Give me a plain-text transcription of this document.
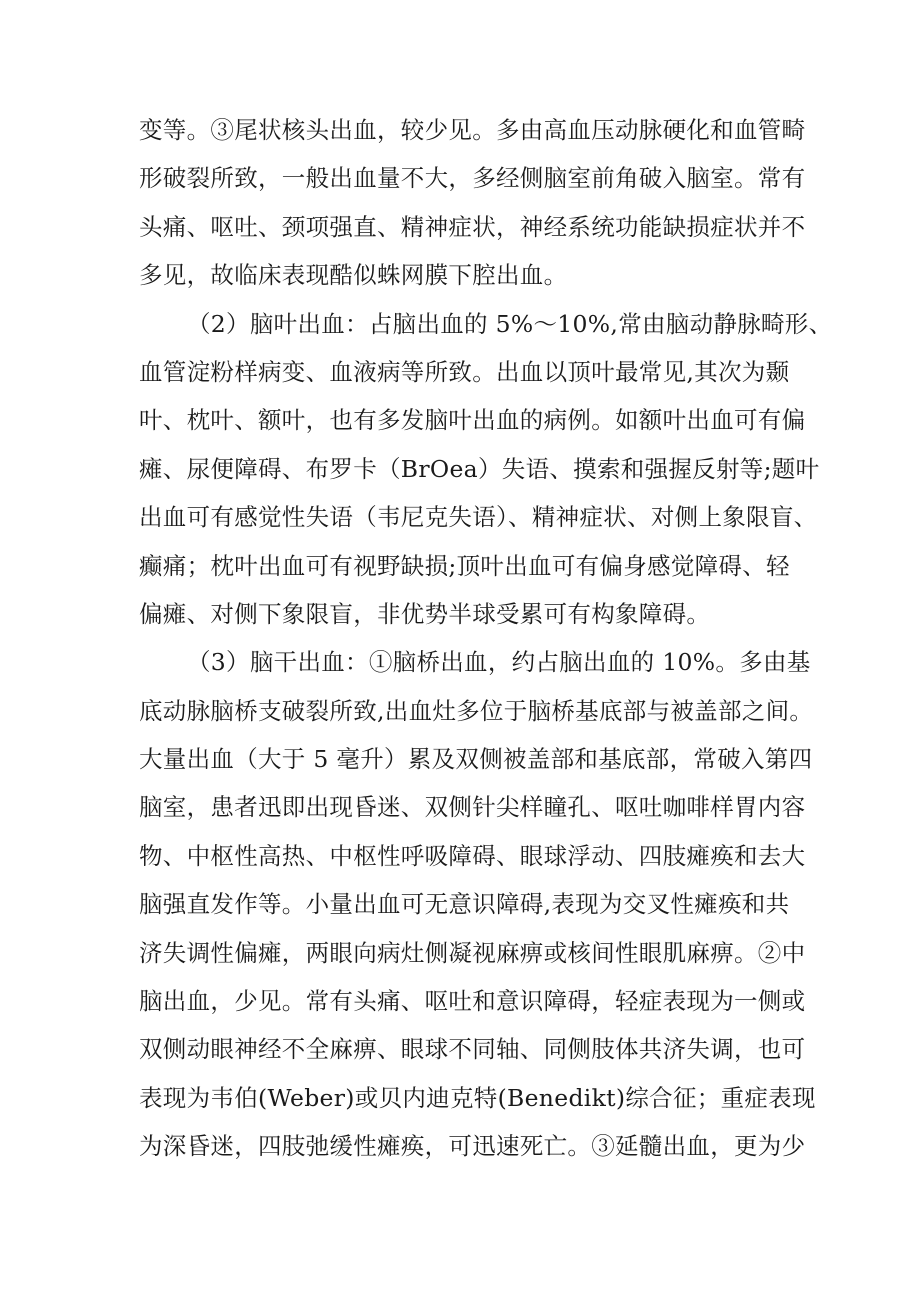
变等。③尾状核头出血，较少见。多由高血压动脉硬化和血管畸
形破裂所致，一般出血量不大，多经侧脑室前角破入脑室。常有
头痛、呕吐、颈项强直、精神症状，神经系统功能缺损症状并不
多见，故临床表现酷似蛛网膜下腔出血。
（2）脑叶出血：占脑出血的 5%～10%,常由脑动静脉畸形、
血管淀粉样病变、血液病等所致。出血以顶叶最常见,其次为颞
叶、枕叶、额叶，也有多发脑叶出血的病例。如额叶出血可有偏
瘫、尿便障碍、布罗卡（BrOea）失语、摸索和强握反射等;题叶
出血可有感觉性失语（韦尼克失语）、精神症状、对侧上象限盲、
癫痛；枕叶出血可有视野缺损;顶叶出血可有偏身感觉障碍、轻
偏瘫、对侧下象限盲，非优势半球受累可有构象障碍。
（3）脑干出血：①脑桥出血，约占脑出血的 10%。多由基
底动脉脑桥支破裂所致,出血灶多位于脑桥基底部与被盖部之间。
大量出血（大于 5 毫升）累及双侧被盖部和基底部，常破入第四
脑室，患者迅即出现昏迷、双侧针尖样瞳孔、呕吐咖啡样胃内容
物、中枢性高热、中枢性呼吸障碍、眼球浮动、四肢瘫痪和去大
脑强直发作等。小量出血可无意识障碍,表现为交叉性瘫痪和共
济失调性偏瘫，两眼向病灶侧凝视麻痹或核间性眼肌麻痹。②中
脑出血，少见。常有头痛、呕吐和意识障碍，轻症表现为一侧或
双侧动眼神经不全麻痹、眼球不同轴、同侧肢体共济失调，也可
表现为韦伯(Weber)或贝内迪克特(Benedikt)综合征；重症表现
为深昏迷，四肢弛缓性瘫痪，可迅速死亡。③延髓出血，更为少
